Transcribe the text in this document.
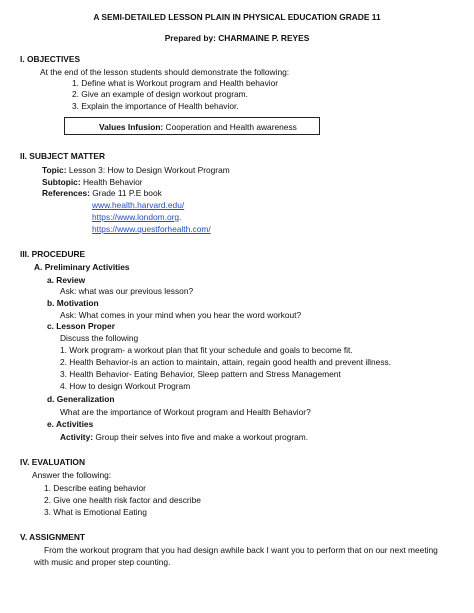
A SEMI-DETAILED LESSON PLAIN IN PHYSICAL EDUCATION GRADE 11
Prepared by: CHARMAINE P. REYES
I. OBJECTIVES
At the end of the lesson students should demonstrate the following:
1. Define what is Workout program and Health behavior
2. Give an example of design workout program.
3. Explain the importance of Health behavior.
Values Infusion: Cooperation and Health awareness
II. SUBJECT MATTER
Topic: Lesson 3: How to Design Workout Program
Subtopic: Health Behavior
References: Grade 11 P.E book
www.health.harvard.edu/
https://www.londom.org.
https://www.questforhealth.com/
III. PROCEDURE
A. Preliminary Activities
a. Review
Ask: what was our previous lesson?
b. Motivation
Ask: What comes in your mind when you hear the word workout?
c. Lesson Proper
Discuss the following
1. Work program- a workout plan that fit your schedule and goals to become fit.
2. Health Behavior-is an action to maintain, attain, regain good health and prevent illness.
3. Health Behavior- Eating Behavior, Sleep pattern and Stress Management
4. How to design Workout Program
d. Generalization
What are the importance of Workout program and Health Behavior?
e. Activities
Activity: Group their selves into five and make a workout program.
IV. EVALUATION
Answer the following:
1. Describe eating behavior
2. Give one health risk factor and describe
3. What is Emotional Eating
V. ASSIGNMENT
From the workout program that you had design awhile back I want you to perform that on our next meeting
with music and proper step counting.
